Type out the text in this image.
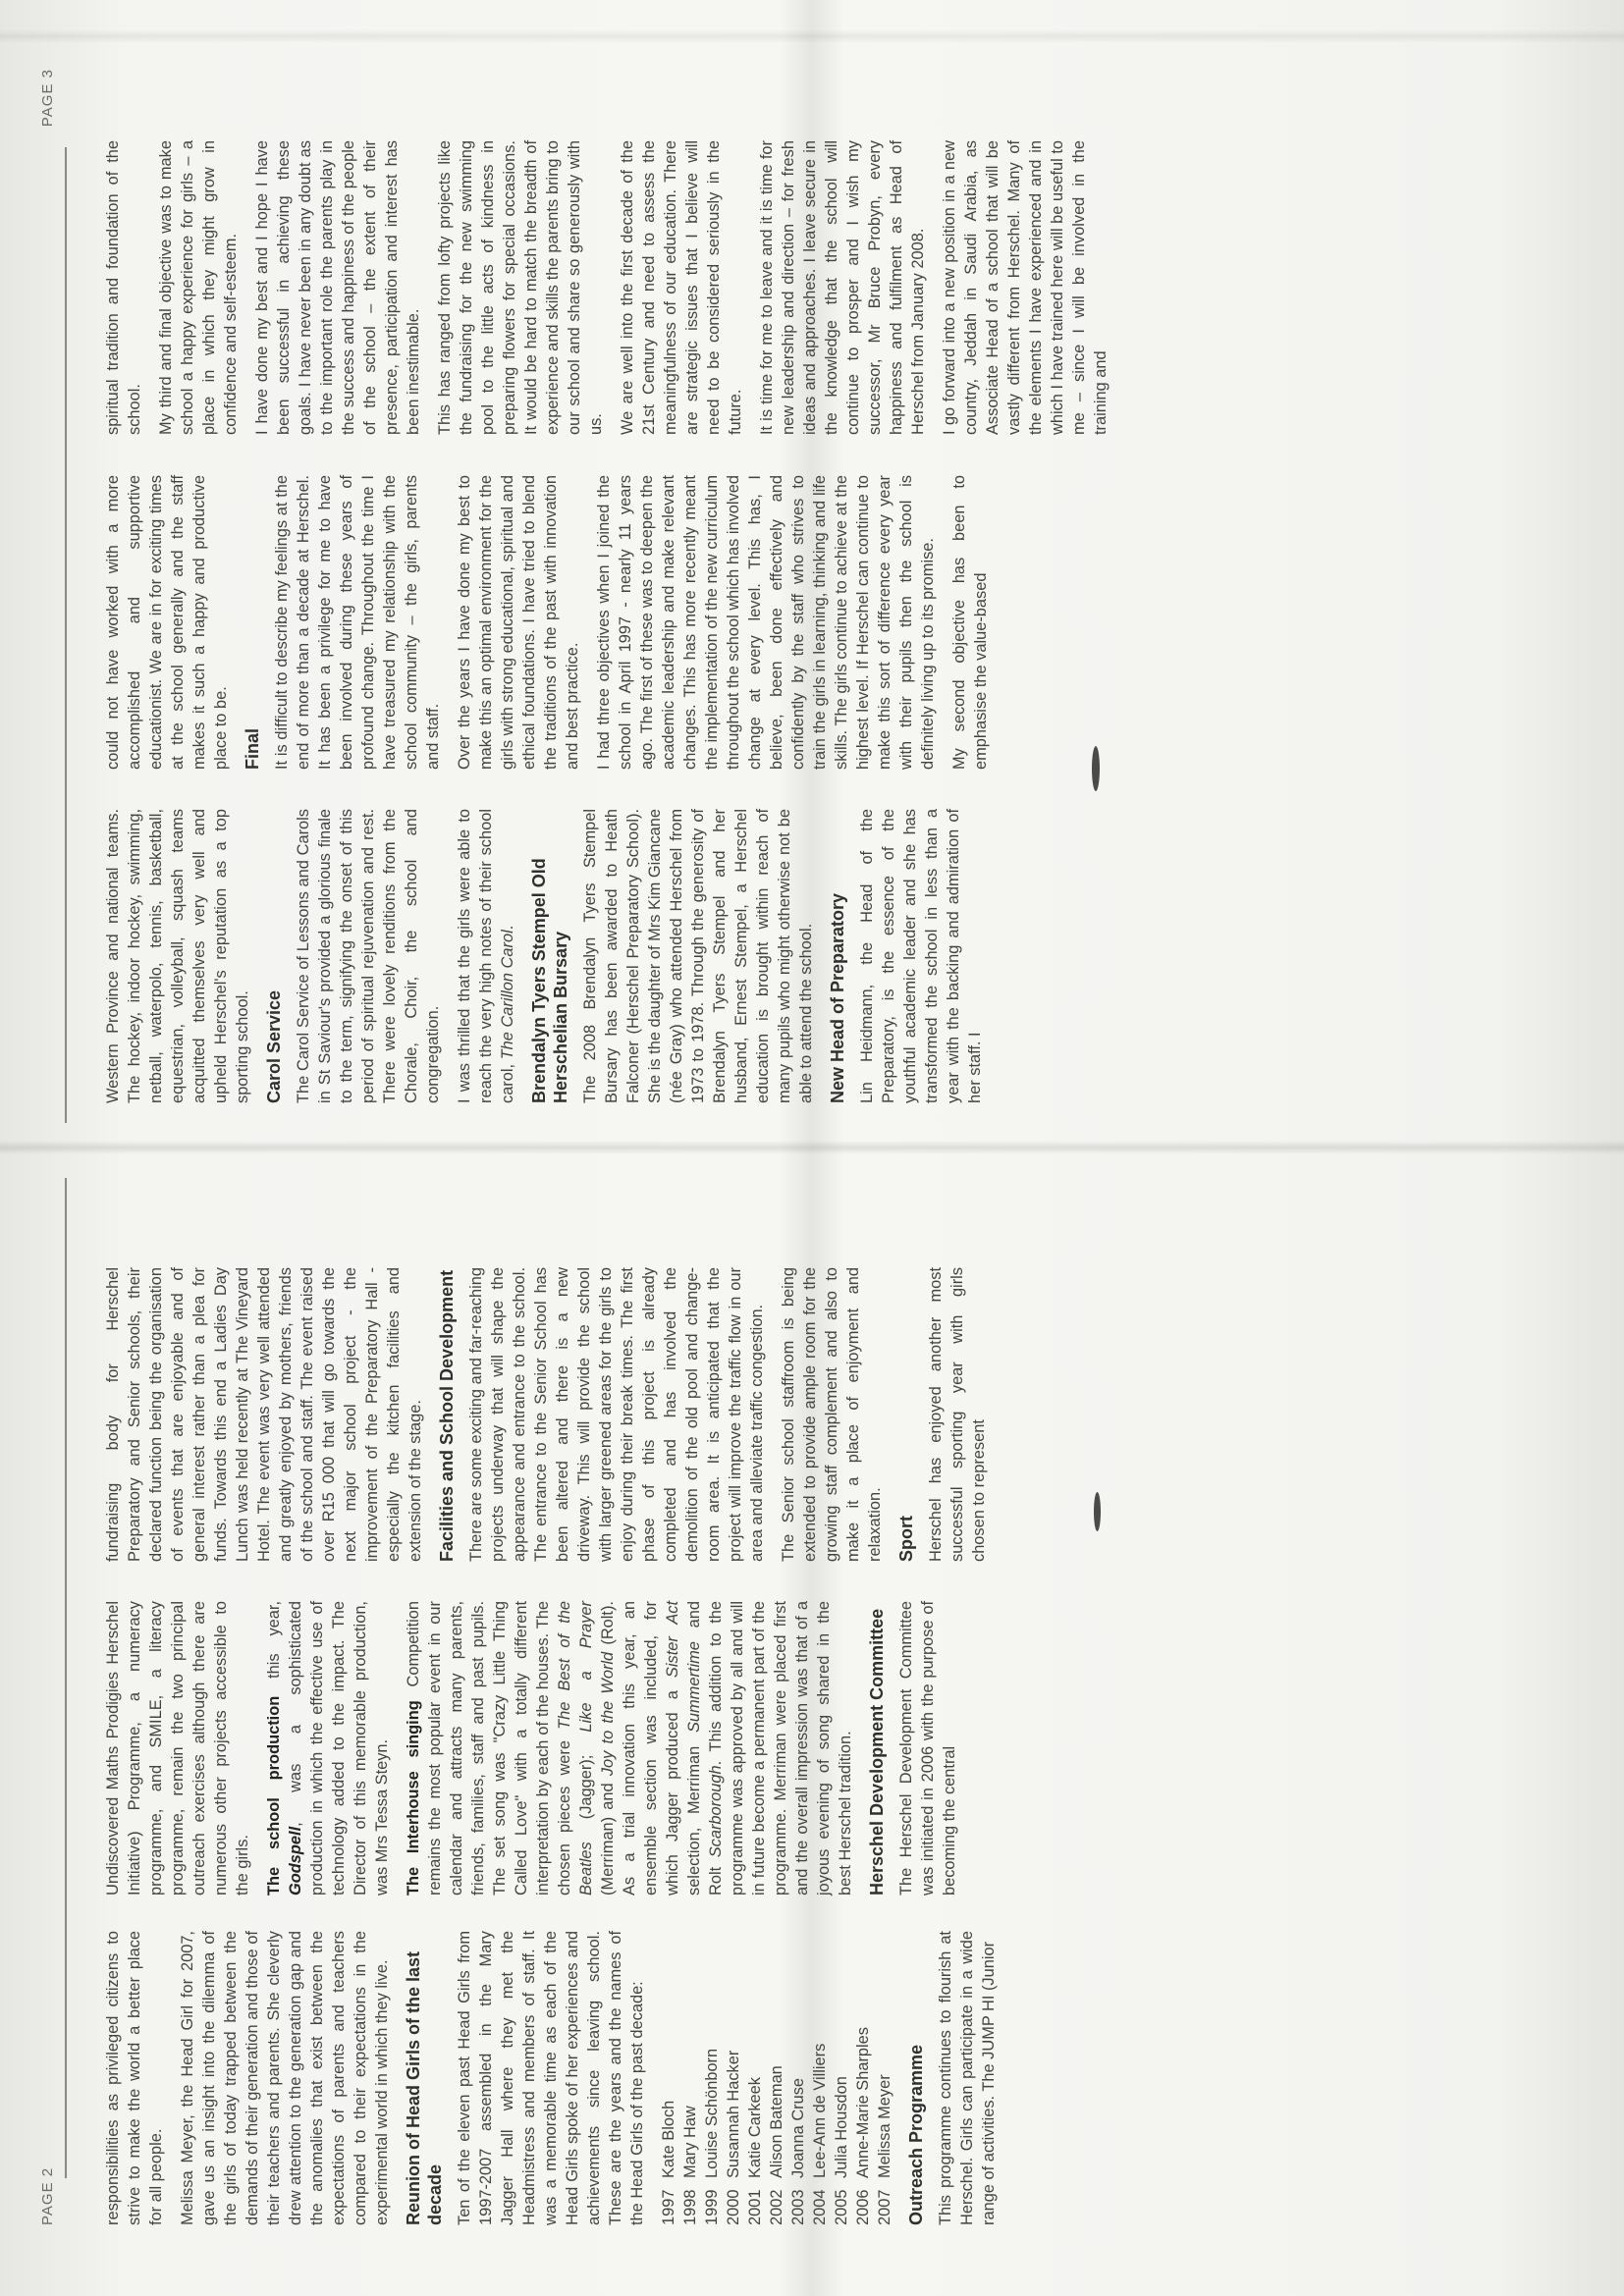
PAGE 2	responsibilities as privileged citizens to strive to make the world a better place for all people. Melissa Meyer, the Head Girl for 2007, gave us an insight into the dilemma of the girls of today trapped between the demands of their generation and those of their teachers and parents. She cleverly drew attention to the generation gap and the anomalies that exist between the expectations of parents and teachers compared to their expectations in the experimental world in which they live. Reunion of Head Girls of the last decade Ten of the eleven past Head Girls from 1997-2007 assembled in the Mary Jagger Hall where they met the Headmistress and members of staff. It was a memorable time as each of the Head Girls spoke of her experiences and achievements since leaving school. These are the years and the names of the Head Girls of the past decade: 1997
Kate Bloch
1998
Mary Haw
1999
Louise Schönborn
2000
Susannah Hacker
2001
Katie Carkeek
2002
Alison Bateman
2003
Joanna Cruse
2004
Lee-Ann de Villiers
2005
Julia Housdon
2006
Anne-Marie Sharples
2007
Melissa Meyer Outreach Programme This programme continues to flourish at Herschel. Girls can participate in a wide range of activities. The JUMP HI (Junior

Undiscovered Maths Prodigies Herschel Initiative) Programme, a numeracy programme, and SMILE, a literacy programme, remain the two principal outreach exercises although there are numerous other projects accessible to the girls. The school production this year, Godspell, was a sophisticated production in which the effective use of technology added to the impact. The Director of this memorable production, was Mrs Tessa Steyn. The Interhouse singing Competition remains the most popular event in our calendar and attracts many parents, friends, families, staff and past pupils. The set song was "Crazy Little Thing Called Love" with a totally different interpretation by each of the houses. The chosen pieces were The Best of the Beatles (Jagger); Like a Prayer (Merriman) and Joy to the World (Rolt). As a trial innovation this year, an ensemble section was included, for which Jagger produced a Sister Act selection, Merriman Summertime and Rolt Scarborough. This addition to the programme was approved by all and will in future become a permanent part of the programme. Merriman were placed first and the overall impression was that of a joyous evening of song shared in the best Herschel tradition. Herschel Development Committee The Herschel Development Committee was initiated in 2006 with the purpose of becoming the central

fundraising body for Herschel Preparatory and Senior schools, their declared function being the organisation of events that are enjoyable and of general interest rather than a plea for funds. Towards this end a Ladies Day Lunch was held recently at The Vineyard Hotel. The event was very well attended and greatly enjoyed by mothers, friends of the school and staff. The event raised over R15 000 that will go towards the next major school project - the improvement of the Preparatory Hall - especially the kitchen facilities and extension of the stage. Facilities and School Development There are some exciting and far-reaching projects underway that will shape the appearance and entrance to the school. The entrance to the Senior School has been altered and there is a new driveway. This will provide the school with larger greened areas for the girls to enjoy during their break times. The first phase of this project is already completed and has involved the demolition of the old pool and change-room area. It is anticipated that the project will improve the traffic flow in our area and alleviate traffic congestion. The Senior school staffroom is being extended to provide ample room for the growing staff complement and also to make it a place of enjoyment and relaxation. Sport Herschel has enjoyed another most successful sporting year with girls chosen to represent

PAGE 3

Western Province and national teams. The hockey, indoor hockey, swimming, netball, waterpolo, tennis, basketball, equestrian, volleyball, squash teams acquitted themselves very well and upheld Herschel's reputation as a top sporting school. Carol Service The Carol Service of Lessons and Carols in St Saviour's provided a glorious finale to the term, signifying the onset of this period of spiritual rejuvenation and rest. There were lovely renditions from the Chorale, Choir, the school and congregation. I was thrilled that the girls were able to reach the very high notes of their school carol, The Carillon Carol. Brendalyn Tyers Stempel Old Herschelian Bursary The 2008 Brendalyn Tyers Stempel Bursary has been awarded to Heath Falconer (Herschel Preparatory School). She is the daughter of Mrs Kim Giancane (née Gray) who attended Herschel from 1973 to 1978. Through the generosity of Brendalyn Tyers Stempel and her husband, Ernest Stempel, a Herschel education is brought within reach of many pupils who might otherwise not be able to attend the school. New Head of Preparatory Lin Heidmann, the Head of the Preparatory, is the essence of the youthful academic leader and she has transformed the school in less than a year with the backing and admiration of her staff. I

could not have worked with a more accomplished and supportive educationist. We are in for exciting times at the school generally and the staff makes it such a happy and productive place to be. Final It is difficult to describe my feelings at the end of more than a decade at Herschel. It has been a privilege for me to have been involved during these years of profound change. Throughout the time I have treasured my relationship with the school community – the girls, parents and staff. Over the years I have done my best to make this an optimal environment for the girls with strong educational, spiritual and ethical foundations. I have tried to blend the traditions of the past with innovation and best practice. I had three objectives when I joined the school in April 1997 - nearly 11 years ago. The first of these was to deepen the academic leadership and make relevant changes. This has more recently meant the implementation of the new curriculum throughout the school which has involved change at every level. This has, I believe, been done effectively and confidently by the staff who strives to train the girls in learning, thinking and life skills. The girls continue to achieve at the highest level. If Herschel can continue to make this sort of difference every year with their pupils then the school is definitely living up to its promise. My second objective has been to emphasise the value-based

spiritual tradition and foundation of the school. My third and final objective was to make school a happy experience for girls – a place in which they might grow in confidence and self-esteem. I have done my best and I hope I have been successful in achieving these goals. I have never been in any doubt as to the important role the parents play in the success and happiness of the people of the school – the extent of their presence, participation and interest has been inestimable. This has ranged from lofty projects like the fundraising for the new swimming pool to the little acts of kindness in preparing flowers for special occasions. It would be hard to match the breadth of experience and skills the parents bring to our school and share so generously with us. We are well into the first decade of the 21st Century and need to assess the meaningfulness of our education. There are strategic issues that I believe will need to be considered seriously in the future. It is time for me to leave and it is time for new leadership and direction – for fresh ideas and approaches. I leave secure in the knowledge that the school will continue to prosper and I wish my successor, Mr Bruce Probyn, every happiness and fulfilment as Head of Herschel from January 2008. I go forward into a new position in a new country, Jeddah in Saudi Arabia, as Associate Head of a school that will be vastly different from Herschel. Many of the elements I have experienced and in which I have trained here will be useful to me – since I will be involved in the training and
